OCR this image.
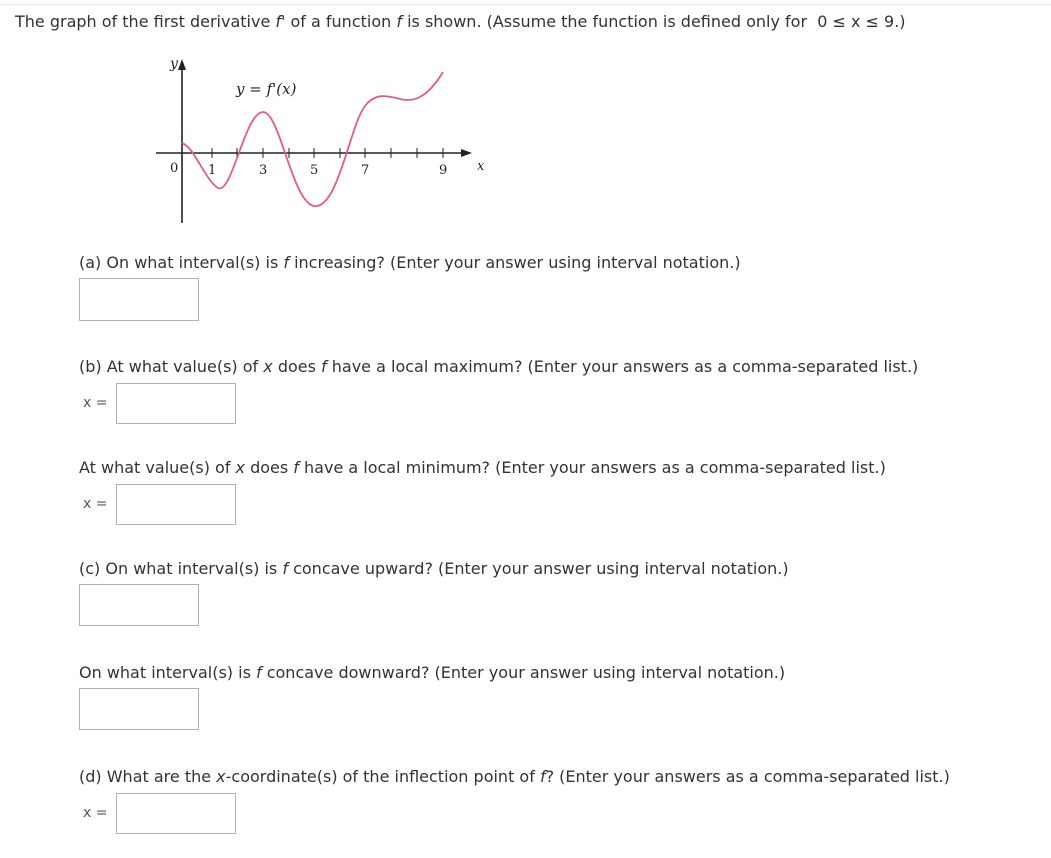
The graph of the first derivative f' of a function f is shown. (Assume the function is defined only for 0 ≤ x ≤ 9.)
y
x
0
y = f'(x)
1	3	5	7	9
(a) On what interval(s) is f increasing? (Enter your answer using interval notation.)
(b) At what value(s) of x does f have a local maximum? (Enter your answers as a comma-separated list.)
x =
At what value(s) of x does f have a local minimum? (Enter your answers as a comma-separated list.)
x =
(c) On what interval(s) is f concave upward? (Enter your answer using interval notation.)
On what interval(s) is f concave downward? (Enter your answer using interval notation.)
(d) What are the x-coordinate(s) of the inflection point of f? (Enter your answers as a comma-separated list.)
x =
